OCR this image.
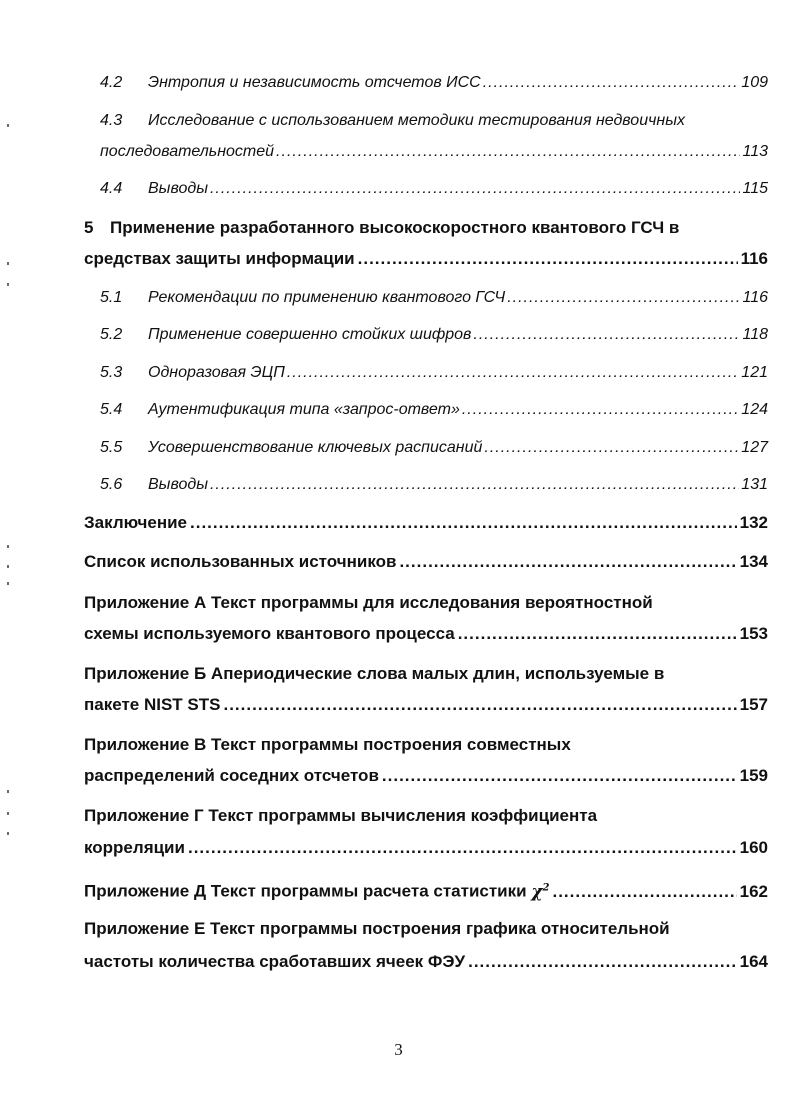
4.2	Энтропия и независимость отсчетов ИСС .....	109
4.3 Исследование с использованием методики тестирования недвоичных
последовательностей .....	113
4.4	Выводы .....	115
5 Применение разработанного высокоскоростного квантового ГСЧ в
средствах защиты информации .....	116
5.1	Рекомендации по применению квантового ГСЧ .....	116
5.2	Применение совершенно стойких шифров .....	118
5.3	Одноразовая ЭЦП .....	121
5.4	Аутентификация типа «запрос-ответ» .....	124
5.5	Усовершенствование ключевых расписаний .....	127
5.6	Выводы .....	131
Заключение .....	132
Список использованных источников .....	134
Приложение А Текст программы для исследования вероятностной
схемы используемого квантового процесса .....	153
Приложение Б Апериодические слова малых длин, используемые в
пакете NIST STS .....	157
Приложение В Текст программы построения совместных
распределений соседних отсчетов .....	159
Приложение Г Текст программы вычисления коэффициента
корреляции .....	160
Приложение Д Текст программы расчета статистики $\chi^2$ .....	162
Приложение Е Текст программы построения графика относительной
частоты количества сработавших ячеек ФЭУ .....	164
3
